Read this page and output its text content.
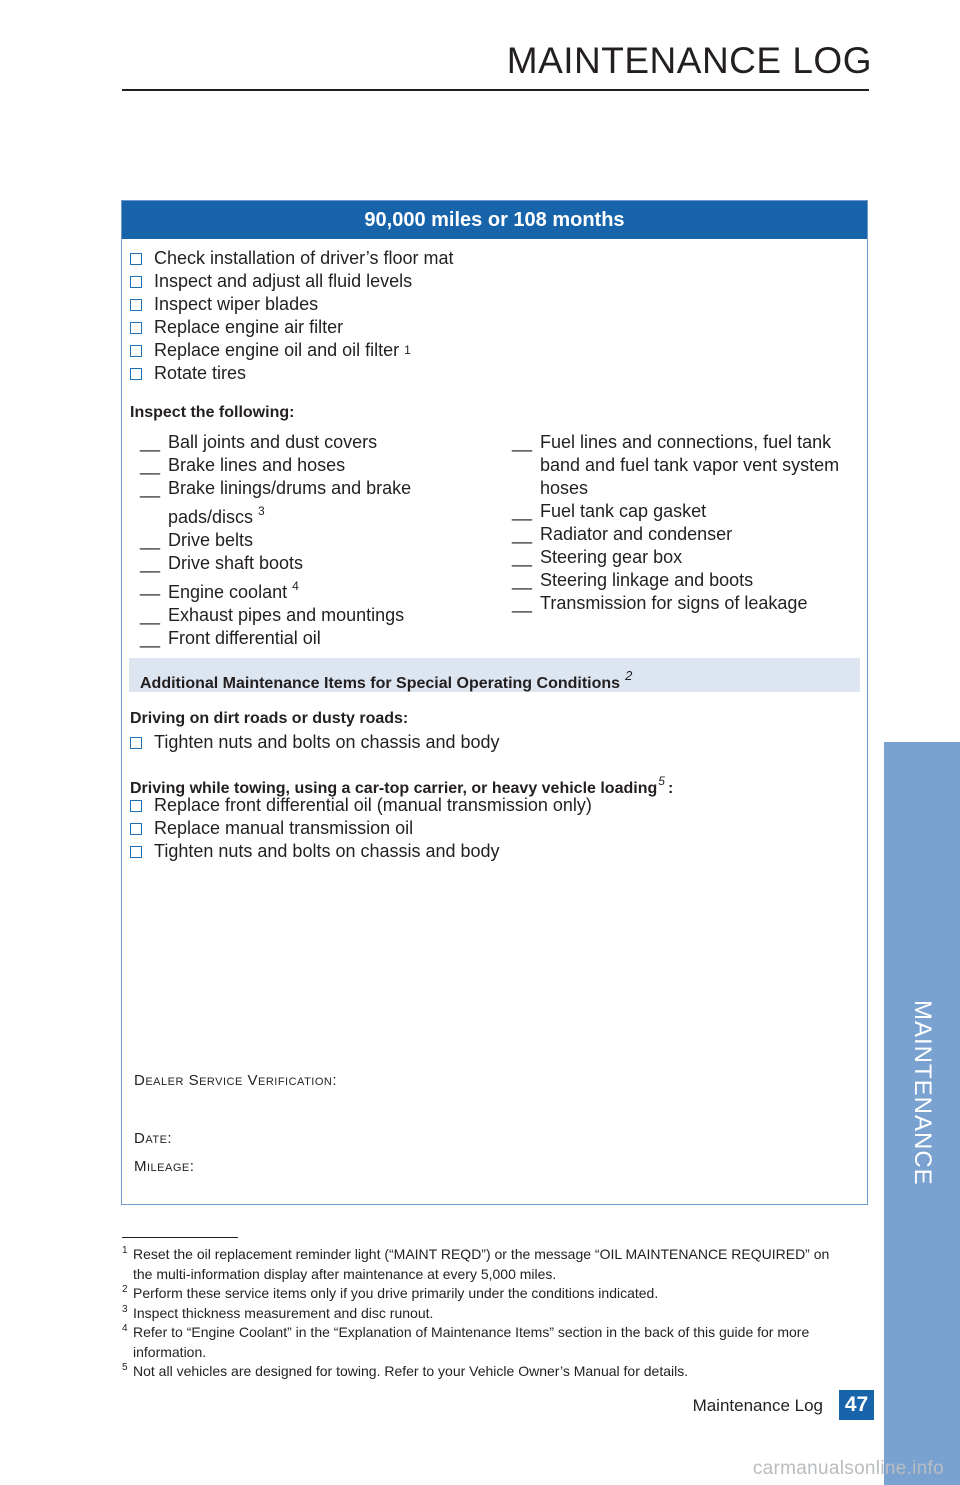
MAINTENANCE LOG
MAINTENANCE
90,000 miles or 108 months
Check installation of driver’s floor mat
Inspect and adjust all fluid levels
Inspect wiper blades
Replace engine air filter
Replace engine oil and oil filter 1
Rotate tires
Inspect the following:
__ Ball joints and dust covers
__ Brake lines and hoses
__ Brake linings/drums and brake pads/discs $^3$
__ Drive belts
__ Drive shaft boots
__ Engine coolant $^4$
__ Exhaust pipes and mountings
__ Front differential oil
__ Fuel lines and connections, fuel tank band and fuel tank vapor vent system hoses
__ Fuel tank cap gasket
__ Radiator and condenser
__ Steering gear box
__ Steering linkage and boots
__ Transmission for signs of leakage
Additional Maintenance Items for Special Operating Conditions $^2$
Driving on dirt roads or dusty roads:
Tighten nuts and bolts on chassis and body
Driving while towing, using a car-top carrier, or heavy vehicle loading$^5$ :
Replace front differential oil (manual transmission only)
Replace manual transmission oil
Tighten nuts and bolts on chassis and body
Dealer Service Verification:
Date:
Mileage:
1 Reset the oil replacement reminder light (“MAINT REQD”) or the message “OIL MAINTENANCE REQUIRED” on the multi-information display after maintenance at every 5,000 miles.
2 Perform these service items only if you drive primarily under the conditions indicated.
3 Inspect thickness measurement and disc runout.
4 Refer to “Engine Coolant” in the “Explanation of Maintenance Items” section in the back of this guide for more information.
5 Not all vehicles are designed for towing. Refer to your Vehicle Owner’s Manual for details.
Maintenance Log 47
carmanualsonline.info
